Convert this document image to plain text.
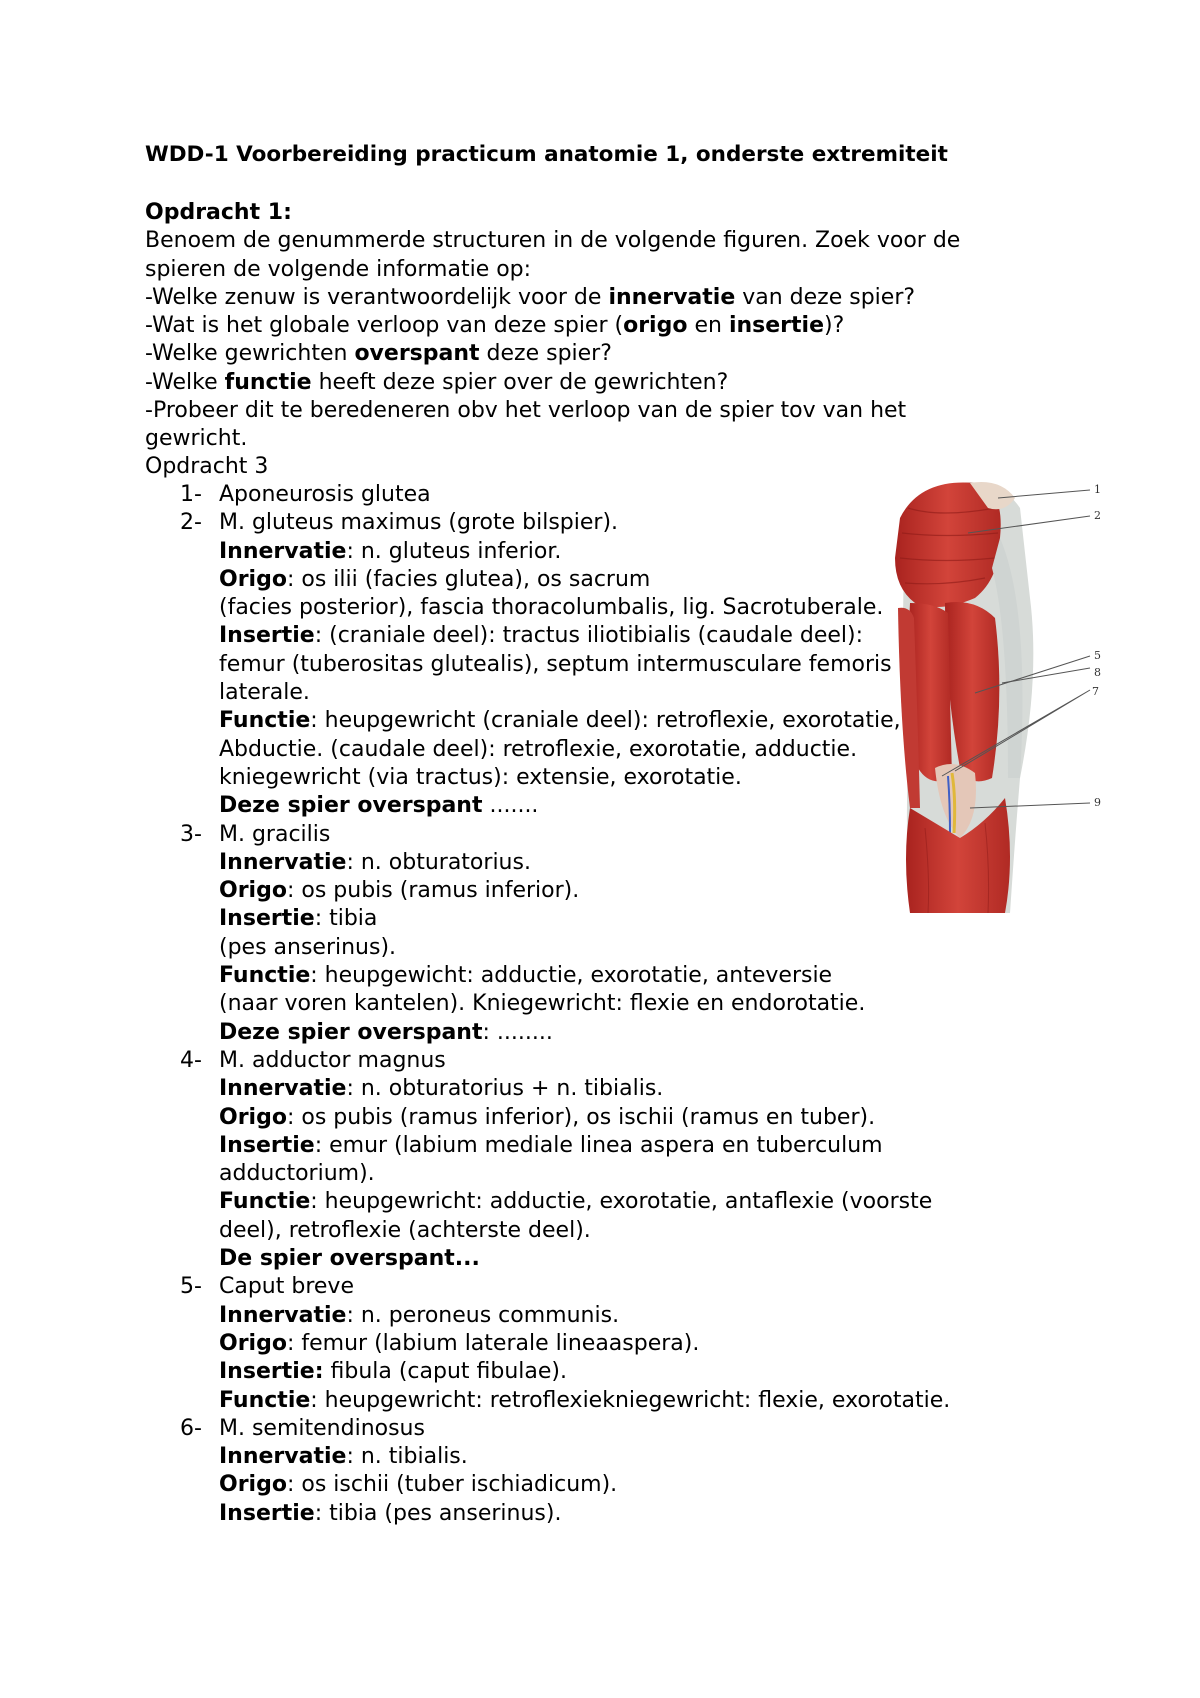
WDD-1 Voorbereiding practicum anatomie 1, onderste extremiteit
Opdracht 1:
Benoem de genummerde structuren in de volgende figuren. Zoek voor de
spieren de volgende informatie op:
-Welke zenuw is verantwoordelijk voor de innervatie van deze spier?
-Wat is het globale verloop van deze spier (origo en insertie)?
-Welke gewrichten overspant deze spier?
-Welke functie heeft deze spier over de gewrichten?
-Probeer dit te beredeneren obv het verloop van de spier tov van het
gewricht.
Opdracht 3
1- Aponeurosis glutea
2- M. gluteus maximus (grote bilspier).
Innervatie: n. gluteus inferior.
Origo: os ilii (facies glutea), os sacrum
(facies posterior), fascia thoracolumbalis, lig. Sacrotuberale.
Insertie: (craniale deel): tractus iliotibialis (caudale deel):
femur (tuberositas glutealis), septum intermusculare femoris
laterale.
Functie: heupgewricht (craniale deel): retroflexie, exorotatie,
Abductie. (caudale deel): retroflexie, exorotatie, adductie.
kniegewricht (via tractus): extensie, exorotatie.
Deze spier overspant .......
3- M. gracilis
Innervatie: n. obturatorius.
Origo: os pubis (ramus inferior).
Insertie: tibia
(pes anserinus).
Functie: heupgewicht: adductie, exorotatie, anteversie
(naar voren kantelen). Kniegewricht: flexie en endorotatie.
Deze spier overspant: ........
4- M. adductor magnus
Innervatie: n. obturatorius + n. tibialis.
Origo: os pubis (ramus inferior), os ischii (ramus en tuber).
Insertie: emur (labium mediale linea aspera en tuberculum
adductorium).
Functie: heupgewricht: adductie, exorotatie, antaflexie (voorste
deel), retroflexie (achterste deel).
De spier overspant...
5- Caput breve
Innervatie: n. peroneus communis.
Origo: femur (labium laterale lineaaspera).
Insertie: fibula (caput fibulae).
Functie: heupgewricht: retroflexiekniegewricht: flexie, exorotatie.
6- M. semitendinosus
Innervatie: n. tibialis.
Origo: os ischii (tuber ischiadicum).
Insertie: tibia (pes anserinus).
1
2
5
8
7
9
